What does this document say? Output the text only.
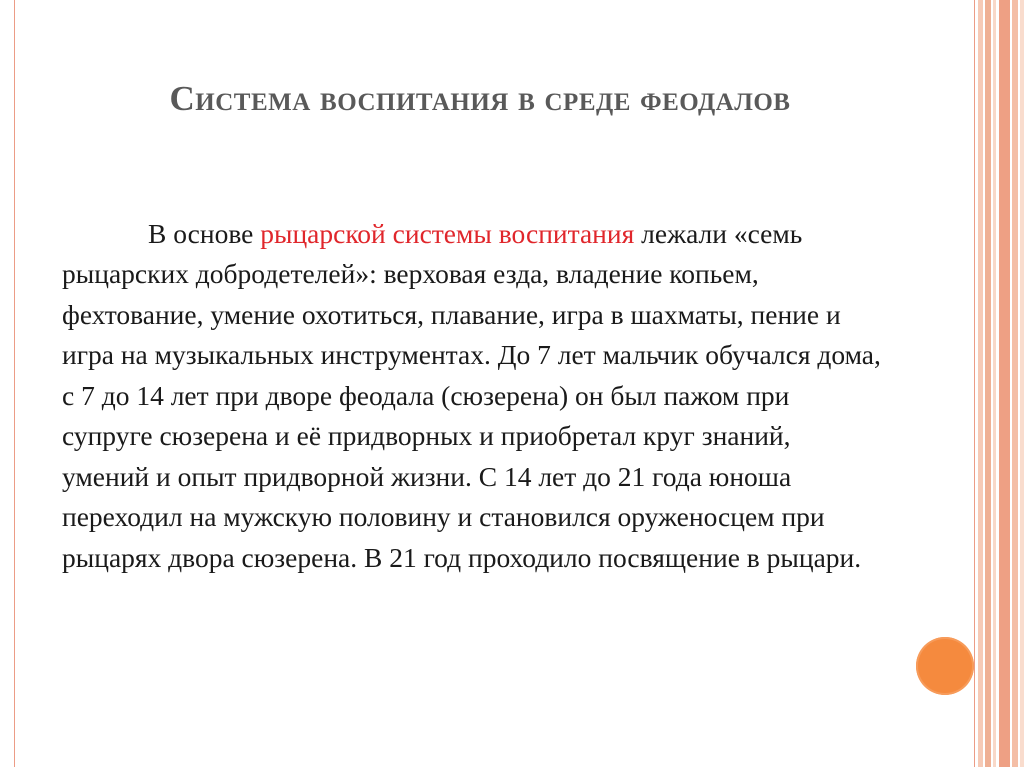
Система воспитания в среде феодалов

В основе рыцарской системы воспитания лежали «семь рыцарских добродетелей»: верховая езда, владение копьем, фехтование, умение охотиться, плавание, игра в шахматы, пение и игра на музыкальных инструментах. До 7 лет мальчик обучался дома, с 7 до 14 лет при дворе феодала (сюзерена) он был пажом при супруге сюзерена и её придворных и приобретал круг знаний, умений и опыт придворной жизни. С 14 лет до 21 года юноша переходил на мужскую половину и становился оруженосцем при рыцарях двора сюзерена. В 21 год проходило посвящение в рыцари.
